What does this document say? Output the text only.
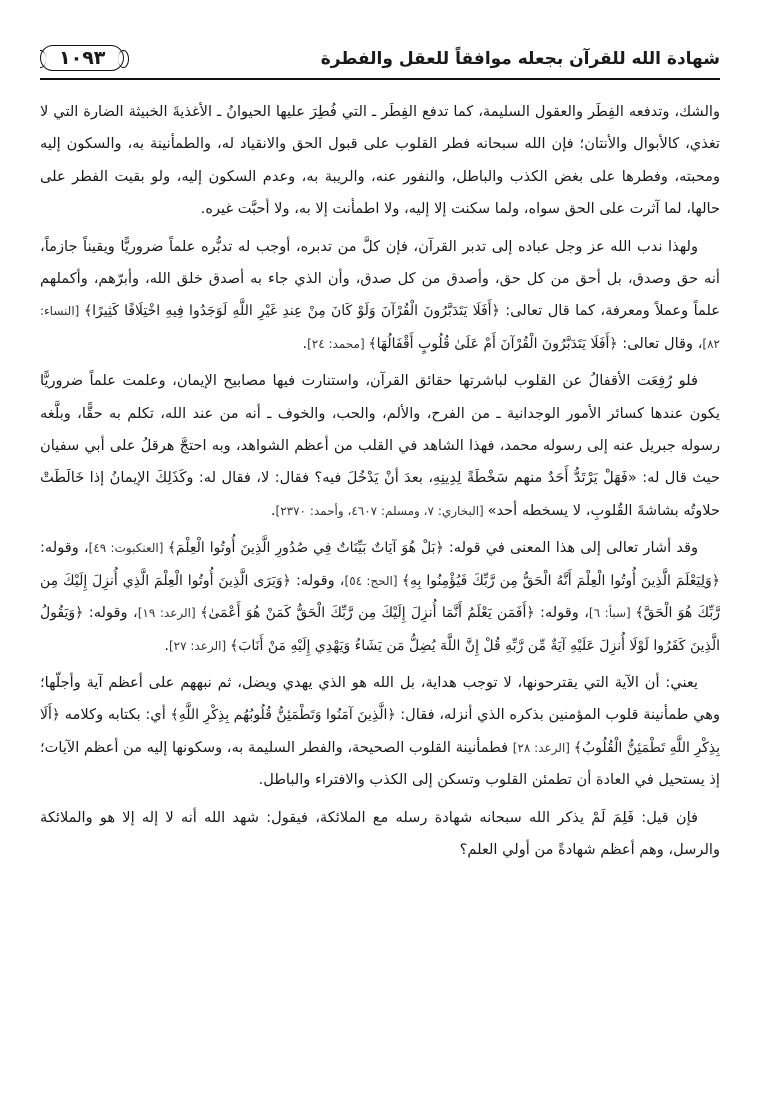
شهادة الله للقرآن بجعله موافقاً للعقل والفطرة
١٠٩٣

والشك، وتدفعه الفِطَر والعقول السليمة، كما تدفع الفِطَر ـ التي فُطِرَ عليها الحيوانُ ـ الأغذيةَ الخبيثة الضارة التي لا تغذي، كالأبوال والأنتان؛ فإن الله سبحانه فطر القلوب على قبول الحق والانقياد له، والطمأنينة به، والسكون إليه ومحبته، وفطرها على بغض الكذب والباطل، والنفور عنه، والريبة به، وعدم السكون إليه، ولو بقيت الفطر على حالها، لما آثرت على الحق سواه، ولما سكنت إلا إليه، ولا اطمأنت إلا به، ولا أحبَّت غيره.

ولهذا ندب الله عز وجل عباده إلى تدبر القرآن، فإن كلَّ من تدبره، أوجب له تدبُّره علماً ضروريًّا ويقيناً جازماً، أنه حق وصدق، بل أحق من كل حق، وأصدق من كل صدق، وأن الذي جاء به أصدق خلق الله، وأبرّهم، وأكملهم علماً وعملاً ومعرفة، كما قال تعالى: ﴿أَفَلَا يَتَدَبَّرُونَ الْقُرْآنَ وَلَوْ كَانَ مِنْ عِندِ غَيْرِ اللَّهِ لَوَجَدُوا فِيهِ اخْتِلَافًا كَثِيرًا﴾ [النساء: ٨٢]، وقال تعالى: ﴿أَفَلَا يَتَدَبَّرُونَ الْقُرْآنَ أَمْ عَلَىٰ قُلُوبٍ أَقْفَالُهَا﴾ [محمد: ٢٤].

فلو رُفِعَت الأقفالُ عن القلوب لباشرتها حقائق القرآن، واستنارت فيها مصابيح الإيمان، وعلمت علماً ضروريًّا يكون عندها كسائر الأمور الوجدانية ـ من الفرح، والألم، والحب، والخوف ـ أنه من عند الله، تكلم به حقًّا، وبلَّغه رسوله جبريل عنه إلى رسوله محمد، فهذا الشاهد في القلب من أعظم الشواهد، وبه احتجَّ هرقلُ على أبي سفيان حيث قال له: «فَهَلْ يَرْتَدُّ أَحَدٌ منهم سَخْطَةً لِدِينِهِ، بعدَ أنْ يَدْخُلَ فيه؟ فقال: لا، فقال له: وكَذَلِكَ الإيمانُ إذا خَالَطَتْ حلاوتُه بشاشةَ القُلوبِ، لا يسخطه أحد» [البخاري: ٧، ومسلم: ٤٦٠٧، وأحمد: ٢٣٧٠].

وقد أشار تعالى إلى هذا المعنى في قوله: ﴿بَلْ هُوَ آيَاتٌ بَيِّنَاتٌ فِي صُدُورِ الَّذِينَ أُوتُوا الْعِلْمَ﴾ [العنكبوت: ٤٩]، وقوله: ﴿وَلِيَعْلَمَ الَّذِينَ أُوتُوا الْعِلْمَ أَنَّهُ الْحَقُّ مِن رَّبِّكَ فَيُؤْمِنُوا بِهِ﴾ [الحج: ٥٤]، وقوله: ﴿وَيَرَى الَّذِينَ أُوتُوا الْعِلْمَ الَّذِي أُنزِلَ إِلَيْكَ مِن رَّبِّكَ هُوَ الْحَقَّ﴾ [سبأ: ٦]، وقوله: ﴿أَفَمَن يَعْلَمُ أَنَّمَا أُنزِلَ إِلَيْكَ مِن رَّبِّكَ الْحَقُّ كَمَنْ هُوَ أَعْمَىٰ﴾ [الرعد: ١٩]، وقوله: ﴿وَيَقُولُ الَّذِينَ كَفَرُوا لَوْلَا أُنزِلَ عَلَيْهِ آيَةٌ مِّن رَّبِّهِ قُلْ إِنَّ اللَّهَ يُضِلُّ مَن يَشَاءُ وَيَهْدِي إِلَيْهِ مَنْ أَنَابَ﴾ [الرعد: ٢٧].

يعني: أن الآية التي يقترحونها، لا توجب هداية، بل الله هو الذي يهدي ويضل، ثم نبههم على أعظم آية وأجلّها؛ وهي طمأنينة قلوب المؤمنين بذكره الذي أنزله، فقال: ﴿الَّذِينَ آمَنُوا وَتَطْمَئِنُّ قُلُوبُهُم بِذِكْرِ اللَّهِ﴾ أي: بكتابه وكلامه ﴿أَلَا بِذِكْرِ اللَّهِ تَطْمَئِنُّ الْقُلُوبُ﴾ [الرعد: ٢٨] فطمأنينة القلوب الصحيحة، والفطر السليمة به، وسكونها إليه من أعظم الآيات؛ إذ يستحيل في العادة أن تطمئن القلوب وتسكن إلى الكذب والافتراء والباطل.

فإن قيل: فَلِمَ لَمْ يذكر الله سبحانه شهادة رسله مع الملائكة، فيقول: شهد الله أنه لا إله إلا هو والملائكة والرسل، وهم أعظم شهادةً من أولي العلم؟
